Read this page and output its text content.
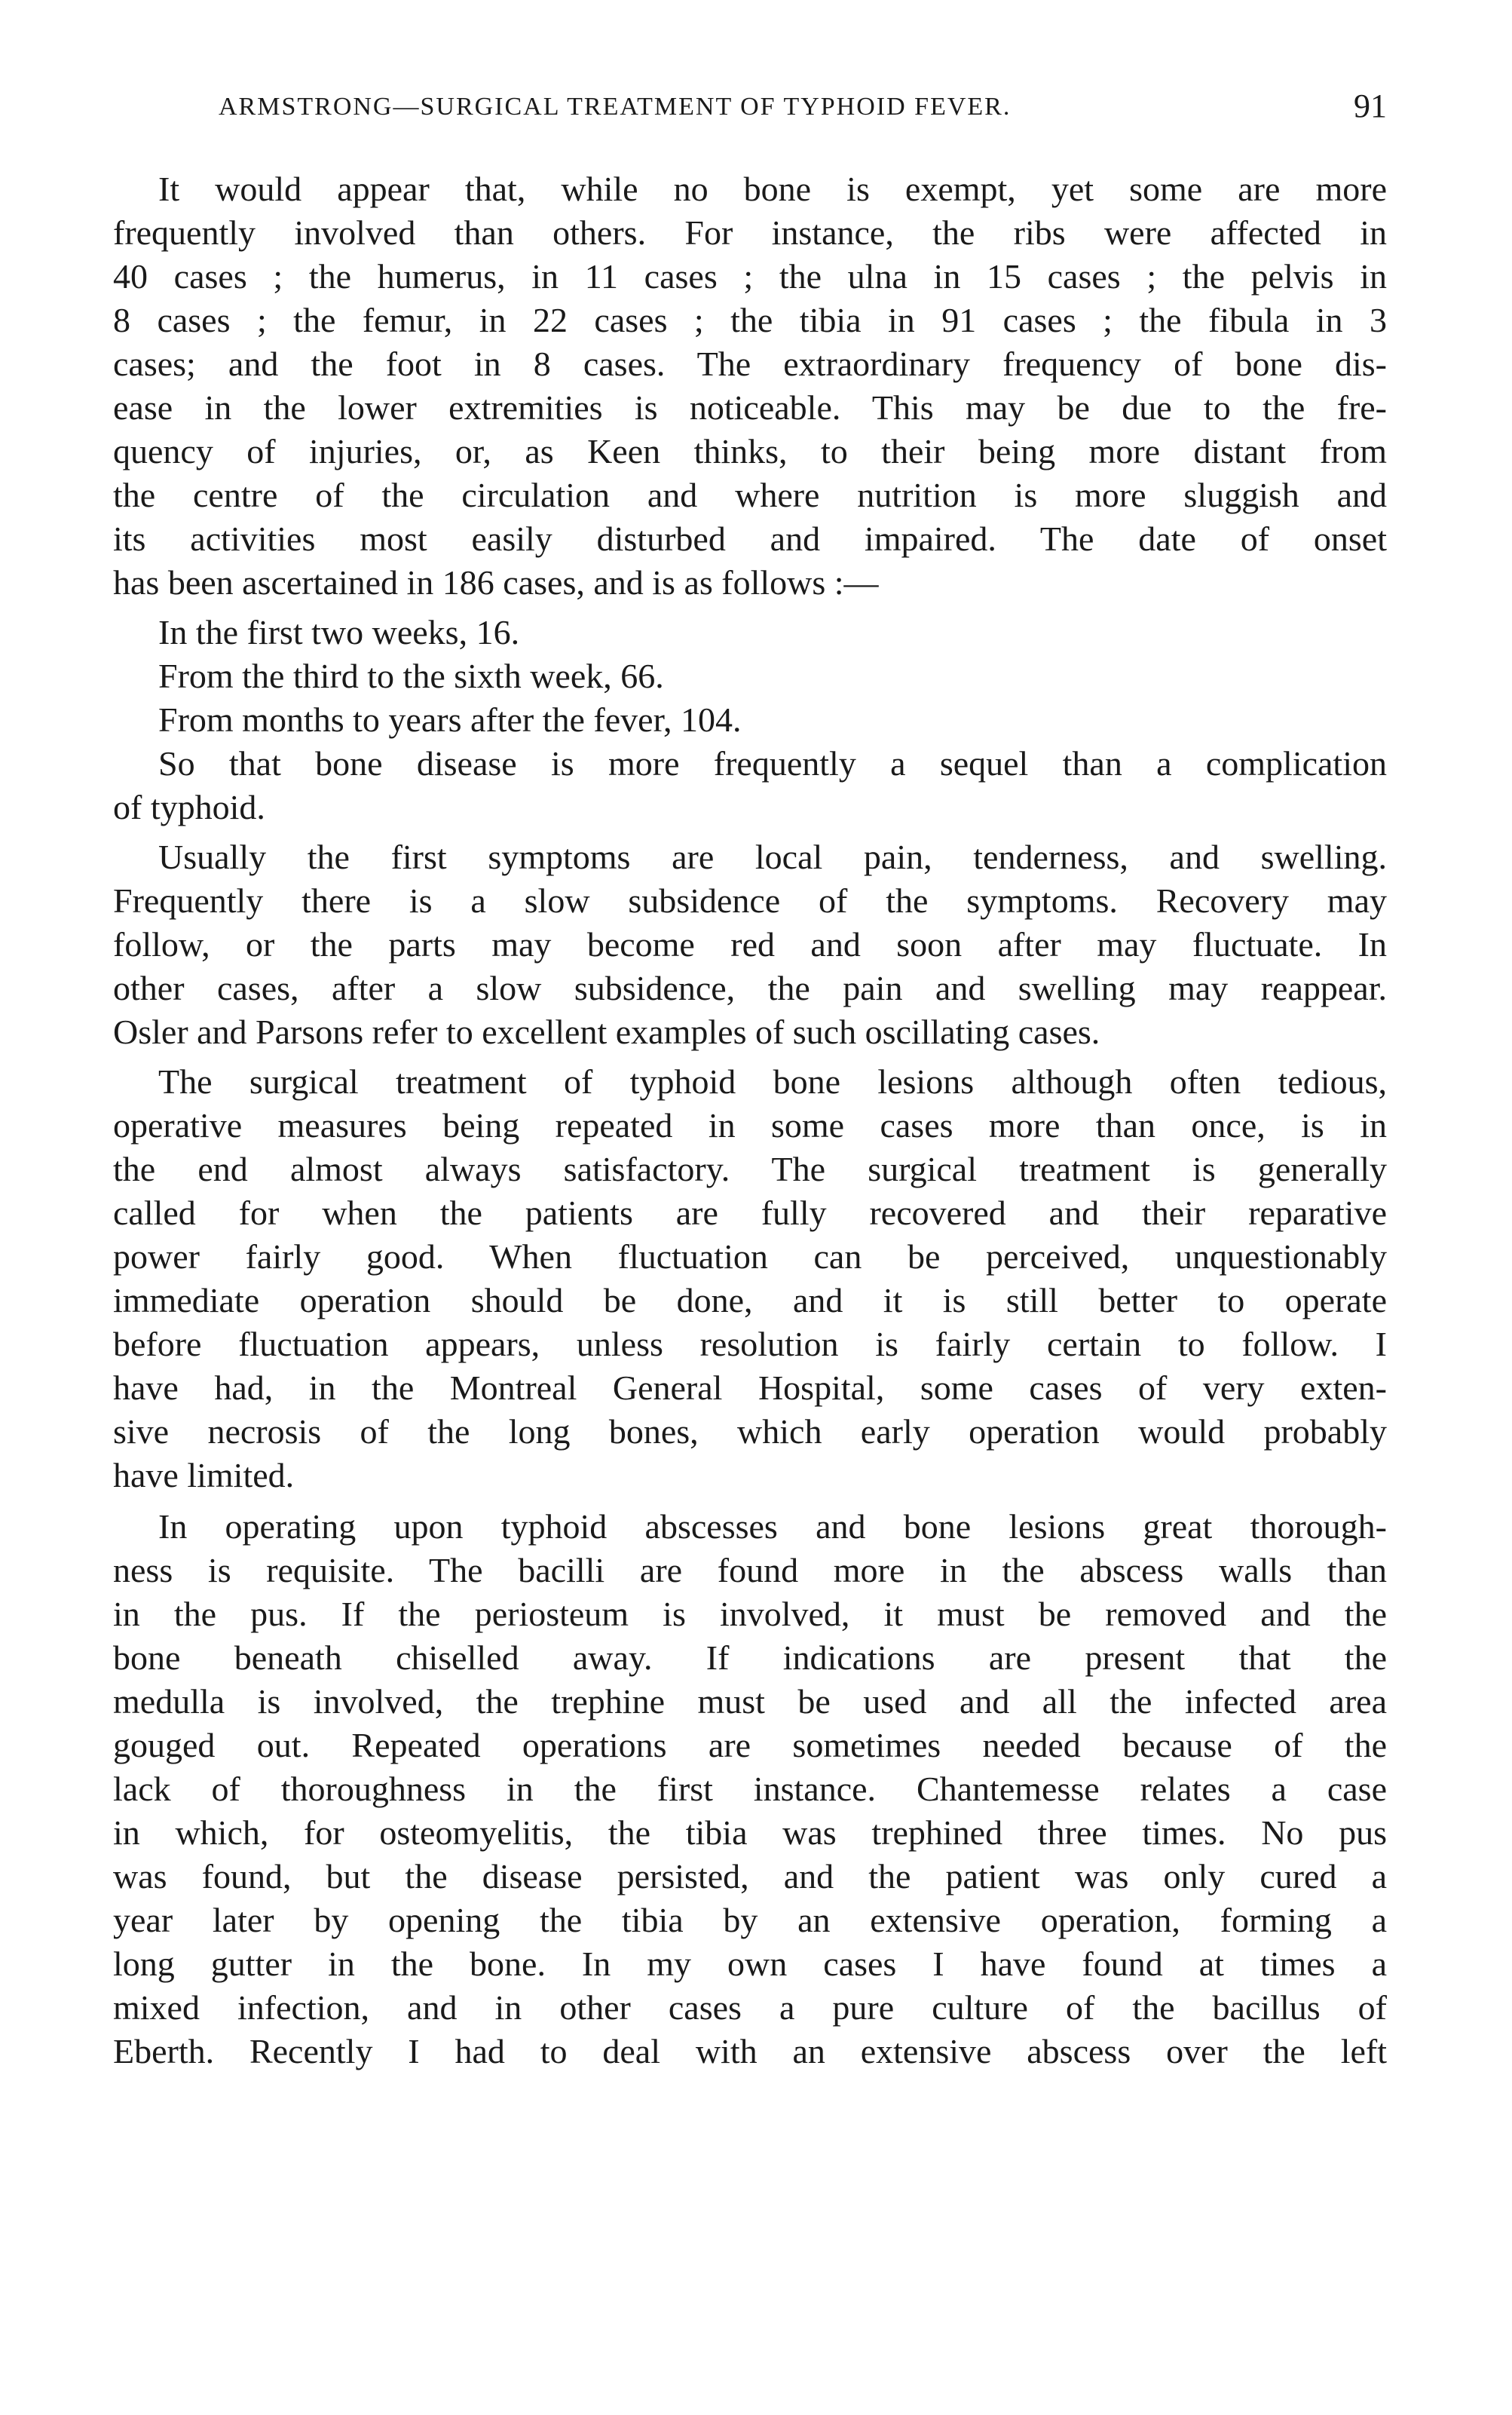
ARMSTRONG—SURGICAL TREATMENT OF TYPHOID FEVER.	91
It would appear that, while no bone is exempt, yet some are more
frequently involved than others. For instance, the ribs were affected in
40 cases ; the humerus, in 11 cases ; the ulna in 15 cases ; the pelvis in
8 cases ; the femur, in 22 cases ; the tibia in 91 cases ; the fibula in 3
cases; and the foot in 8 cases. The extraordinary frequency of bone dis-
ease in the lower extremities is noticeable. This may be due to the fre-
quency of injuries, or, as Keen thinks, to their being more distant from
the centre of the circulation and where nutrition is more sluggish and
its activities most easily disturbed and impaired. The date of onset
has been ascertained in 186 cases, and is as follows :—
In the first two weeks, 16.
From the third to the sixth week, 66.
From months to years after the fever, 104.
So that bone disease is more frequently a sequel than a complication
of typhoid.
Usually the first symptoms are local pain, tenderness, and swelling.
Frequently there is a slow subsidence of the symptoms. Recovery may
follow, or the parts may become red and soon after may fluctuate. In
other cases, after a slow subsidence, the pain and swelling may reappear.
Osler and Parsons refer to excellent examples of such oscillating cases.
The surgical treatment of typhoid bone lesions although often tedious,
operative measures being repeated in some cases more than once, is in
the end almost always satisfactory. The surgical treatment is generally
called for when the patients are fully recovered and their reparative
power fairly good. When fluctuation can be perceived, unquestionably
immediate operation should be done, and it is still better to operate
before fluctuation appears, unless resolution is fairly certain to follow. I
have had, in the Montreal General Hospital, some cases of very exten-
sive necrosis of the long bones, which early operation would probably
have limited.
In operating upon typhoid abscesses and bone lesions great thorough-
ness is requisite. The bacilli are found more in the abscess walls than
in the pus. If the periosteum is involved, it must be removed and the
bone beneath chiselled away. If indications are present that the
medulla is involved, the trephine must be used and all the infected area
gouged out. Repeated operations are sometimes needed because of the
lack of thoroughness in the first instance. Chantemesse relates a case
in which, for osteomyelitis, the tibia was trephined three times. No pus
was found, but the disease persisted, and the patient was only cured a
year later by opening the tibia by an extensive operation, forming a
long gutter in the bone. In my own cases I have found at times a
mixed infection, and in other cases a pure culture of the bacillus of
Eberth. Recently I had to deal with an extensive abscess over the left
